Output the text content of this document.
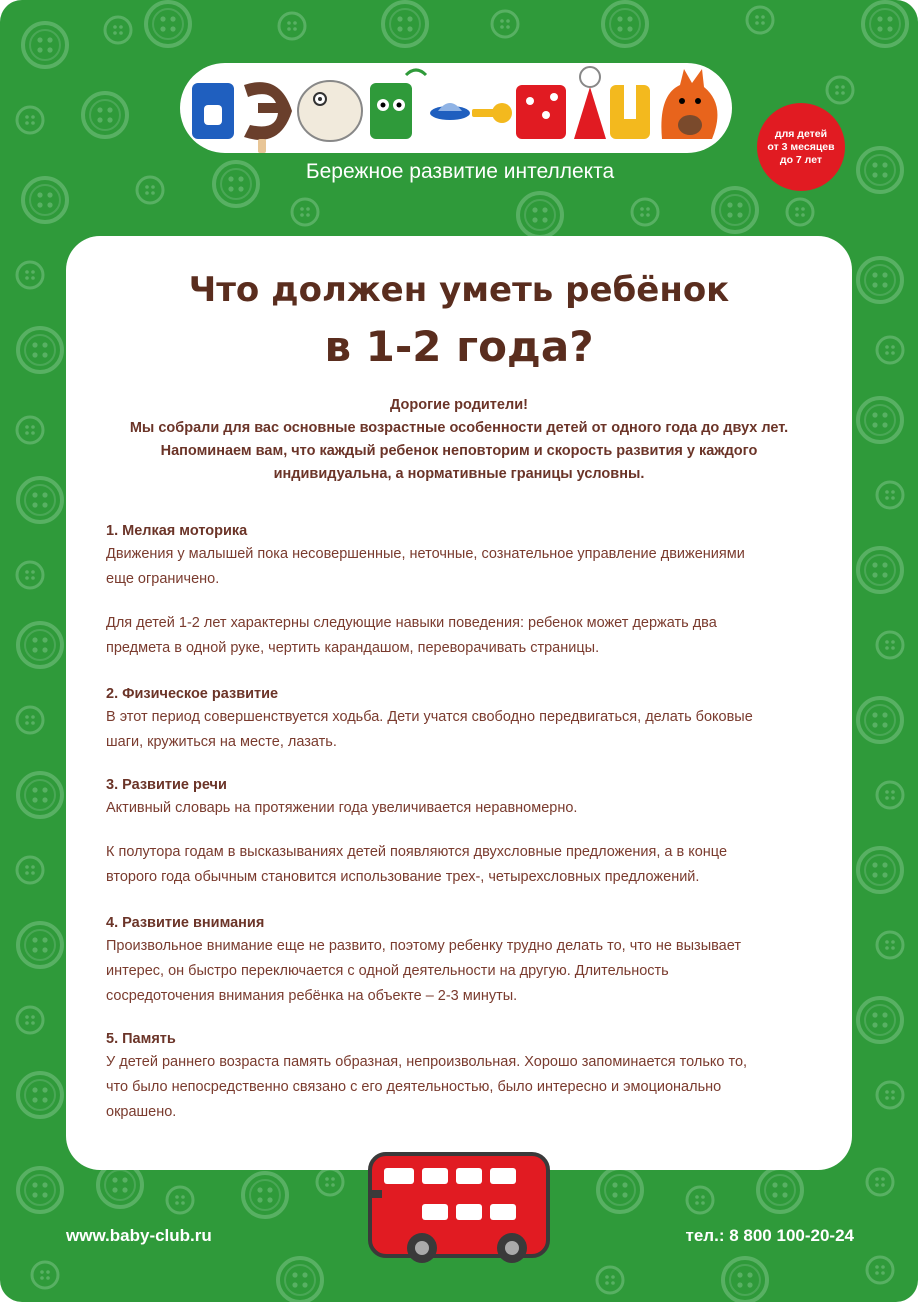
Бережное развитие интеллекта
для детей
от 3 месяцев
до 7 лет
Что должен уметь ребёнок
в 1-2 года?

Дорогие родители!

Мы собрали для вас основные возрастные особенности детей от одного года до двух лет.

Напоминаем вам, что каждый ребенок неповторим и скорость развития у каждого

индивидуальна, а нормативные границы условны.

1. Мелкая моторика

Движения у малышей пока несовершенные, неточные, сознательное управление движениями

еще ограничено.

Для детей 1-2 лет характерны следующие навыки поведения: ребенок может держать два

предмета в одной руке, чертить карандашом, переворачивать страницы.

2. Физическое развитие

В этот период совершенствуется ходьба. Дети учатся свободно передвигаться, делать боковые

шаги, кружиться на месте, лазать.

3. Развитие речи

Активный словарь на протяжении года увеличивается неравномерно.

К полутора годам в высказываниях детей появляются двухсловные предложения, а в конце

второго года обычным становится использование трех-, четырехсловных предложений.

4. Развитие внимания

Произвольное внимание еще не развито, поэтому ребенку трудно делать то, что не вызывает

интерес, он быстро переключается с одной деятельности на другую. Длительность

сосредоточения внимания ребёнка на объекте – 2-3 минуты.

5. Память

У детей раннего возраста память образная, непроизвольная. Хорошо запоминается только то,

что было непосредственно связано с его деятельностью, было интересно и эмоционально

окрашено.

www.baby-club.ru	тел.: 8 800 100-20-24
